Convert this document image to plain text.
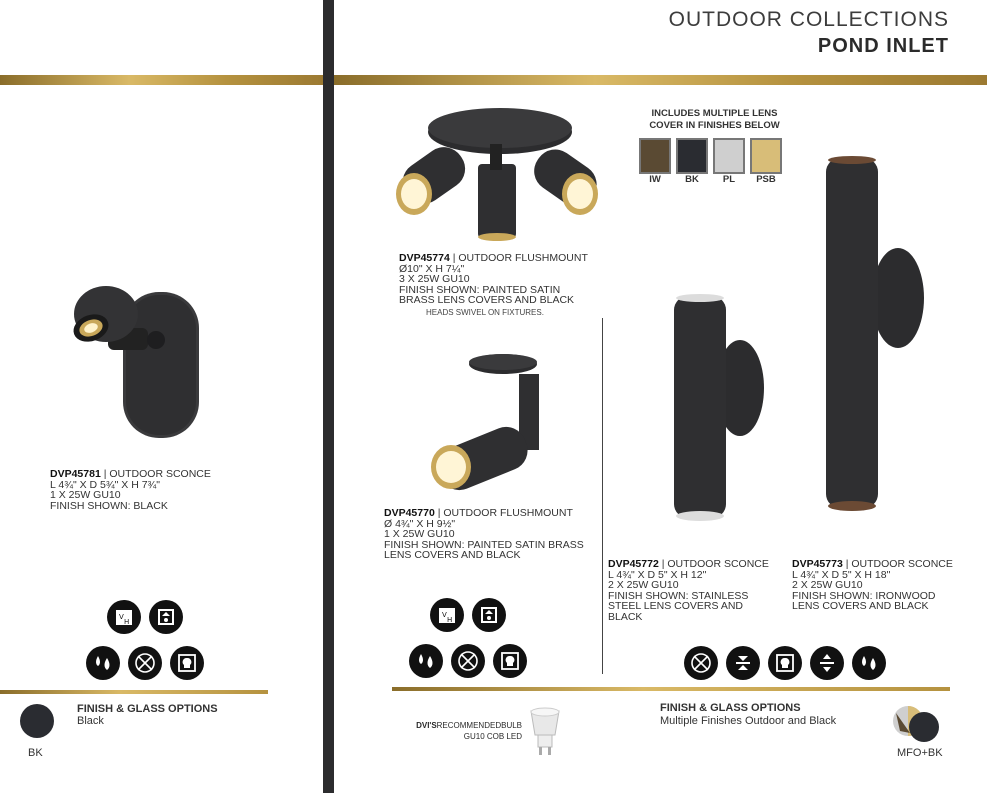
OUTDOOR COLLECTIONS
POND INLET
INCLUDES MULTIPLE LENS
COVER IN FINISHES BELOW
IW	BK	PL	PSB
DVP45781 | OUTDOOR SCONCE
L 4¾" X D 5¾" X H 7¾"
1 X 25W GU10
FINISH SHOWN: BLACK
DVP45774 | OUTDOOR FLUSHMOUNT
Ø10" X H 7¼"
3 X 25W GU10
FINISH SHOWN: PAINTED SATIN
BRASS LENS COVERS AND BLACK
HEADS SWIVEL ON FIXTURES.
DVP45770 | OUTDOOR FLUSHMOUNT
Ø 4¾" X H 9½"
1 X 25W GU10
FINISH SHOWN: PAINTED SATIN BRASS
LENS COVERS AND BLACK
DVP45772 | OUTDOOR SCONCE
L 4¾" X D 5" X H 12"
2 X 25W GU10
FINISH SHOWN: STAINLESS
STEEL LENS COVERS AND
BLACK
DVP45773 | OUTDOOR SCONCE
L 4¾" X D 5" X H 18"
2 X 25W GU10
FINISH SHOWN: IRONWOOD
LENS COVERS AND BLACK
V
H
V
H
BK
FINISH & GLASS OPTIONS
Black	DVI'SRECOMMENDEDBULB
GU10 COB LED
FINISH & GLASS OPTIONS
Multiple Finishes Outdoor and Black
MFO+BK
